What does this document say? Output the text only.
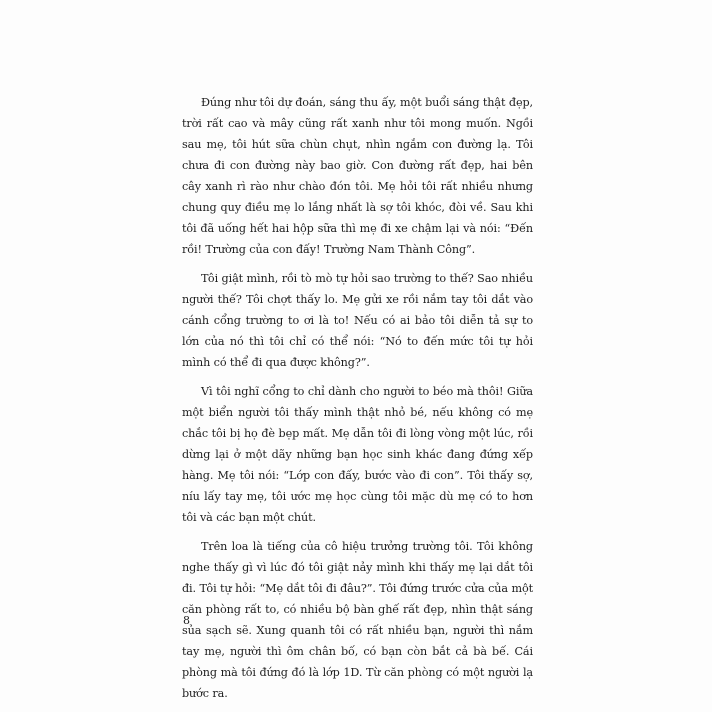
Đúng như tôi dự đoán, sáng thu ấy, một buổi sáng thật đẹp, trời rất cao và mây cũng rất xanh như tôi mong muốn. Ngồi sau mẹ, tôi hút sữa chùn chụt, nhìn ngắm con đường lạ. Tôi chưa đi con đường này bao giờ. Con đường rất đẹp, hai bên cây xanh rì rào như chào đón tôi. Mẹ hỏi tôi rất nhiều nhưng chung quy điều mẹ lo lắng nhất là sợ tôi khóc, đòi về. Sau khi tôi đã uống hết hai hộp sữa thì mẹ đi xe chậm lại và nói: “Đến rồi! Trường của con đấy! Trường Nam Thành Công”.

Tôi giật mình, rồi tò mò tự hỏi sao trường to thế? Sao nhiều người thế? Tôi chợt thấy lo. Mẹ gửi xe rồi nắm tay tôi dắt vào cánh cổng trường to ơi là to! Nếu có ai bảo tôi diễn tả sự to lớn của nó thì tôi chỉ có thể nói: “Nó to đến mức tôi tự hỏi mình có thể đi qua được không?”.

Vì tôi nghĩ cổng to chỉ dành cho người to béo mà thôi! Giữa một biển người tôi thấy mình thật nhỏ bé, nếu không có mẹ chắc tôi bị họ đè bẹp mất. Mẹ dẫn tôi đi lòng vòng một lúc, rồi dừng lại ở một dãy những bạn học sinh khác đang đứng xếp hàng. Mẹ tôi nói: “Lớp con đấy, bước vào đi con”. Tôi thấy sợ, níu lấy tay mẹ, tôi ước mẹ học cùng tôi mặc dù mẹ có to hơn tôi và các bạn một chút.

Trên loa là tiếng của cô hiệu trưởng trường tôi. Tôi không nghe thấy gì vì lúc đó tôi giật nảy mình khi thấy mẹ lại dắt tôi đi. Tôi tự hỏi: “Mẹ dắt tôi đi đâu?”. Tôi đứng trước cửa của một căn phòng rất to, có nhiều bộ bàn ghế rất đẹp, nhìn thật sáng sủa sạch sẽ. Xung quanh tôi có rất nhiều bạn, người thì nắm tay mẹ, người thì ôm chân bố, có bạn còn bắt cả bà bế. Cái phòng mà tôi đứng đó là lớp 1D. Từ căn phòng có một người lạ bước ra.

8
